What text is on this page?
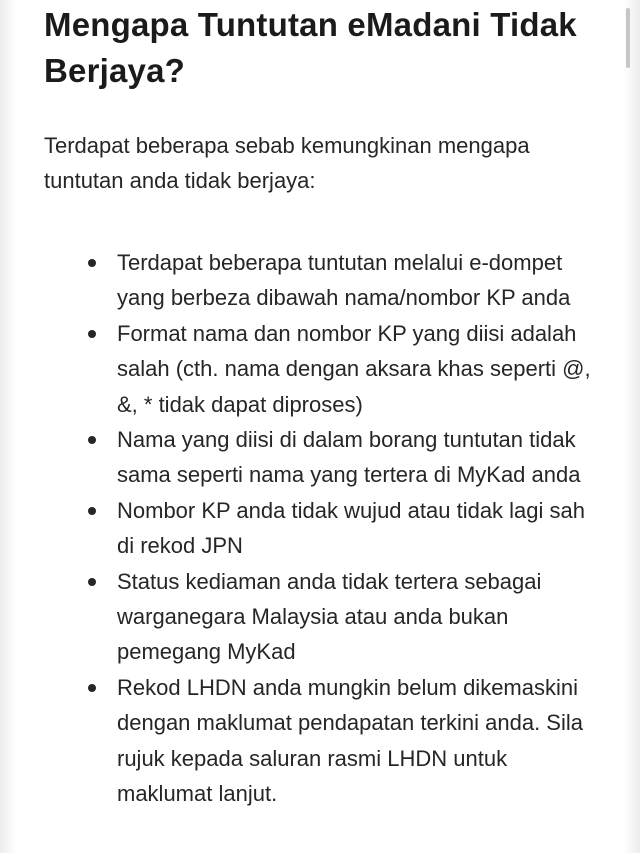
Mengapa Tuntutan eMadani Tidak Berjaya?

Terdapat beberapa sebab kemungkinan mengapa tuntutan anda tidak berjaya:

Terdapat beberapa tuntutan melalui e-dompet yang berbeza dibawah nama/nombor KP anda
Format nama dan nombor KP yang diisi adalah salah (cth. nama dengan aksara khas seperti @, &, * tidak dapat diproses)
Nama yang diisi di dalam borang tuntutan tidak sama seperti nama yang tertera di MyKad anda
Nombor KP anda tidak wujud atau tidak lagi sah di rekod JPN
Status kediaman anda tidak tertera sebagai warganegara Malaysia atau anda bukan pemegang MyKad
Rekod LHDN anda mungkin belum dikemaskini dengan maklumat pendapatan terkini anda. Sila rujuk kepada saluran rasmi LHDN untuk maklumat lanjut.
